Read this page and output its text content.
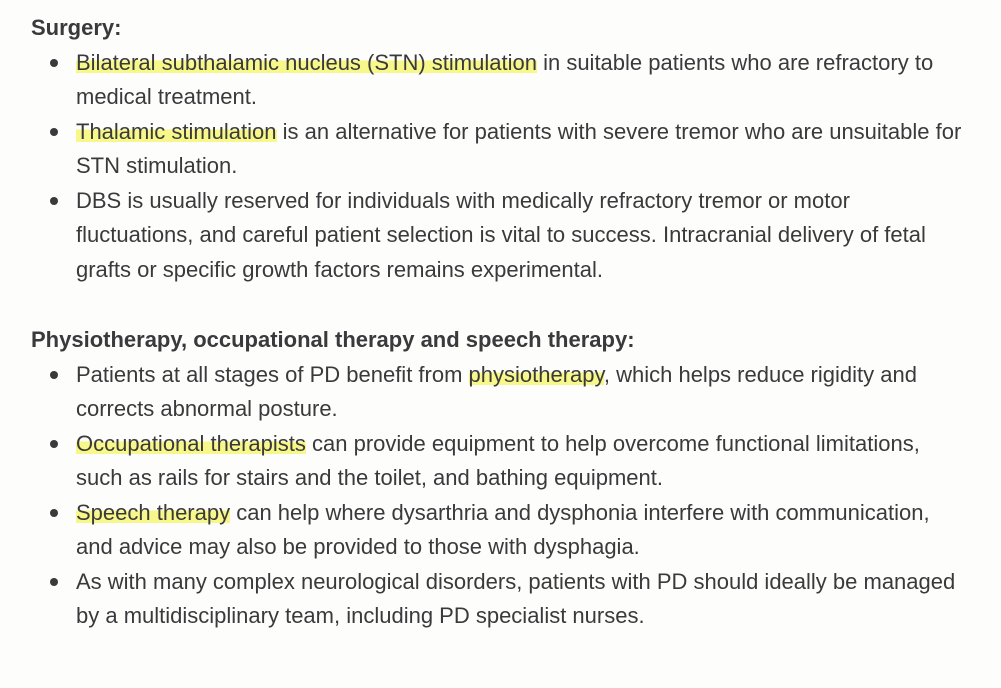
Surgery:

Bilateral subthalamic nucleus (STN) stimulation in suitable patients who are refractory to medical treatment.
Thalamic stimulation is an alternative for patients with severe tremor who are unsuitable for STN stimulation.
DBS is usually reserved for individuals with medically refractory tremor or motor fluctuations, and careful patient selection is vital to success. Intracranial delivery of fetal grafts or specific growth factors remains experimental.

Physiotherapy, occupational therapy and speech therapy:

Patients at all stages of PD benefit from physiotherapy, which helps reduce rigidity and corrects abnormal posture.
Occupational therapists can provide equipment to help overcome functional limitations, such as rails for stairs and the toilet, and bathing equipment.
Speech therapy can help where dysarthria and dysphonia interfere with communication, and advice may also be provided to those with dysphagia.
As with many complex neurological disorders, patients with PD should ideally be managed by a multidisciplinary team, including PD specialist nurses.
